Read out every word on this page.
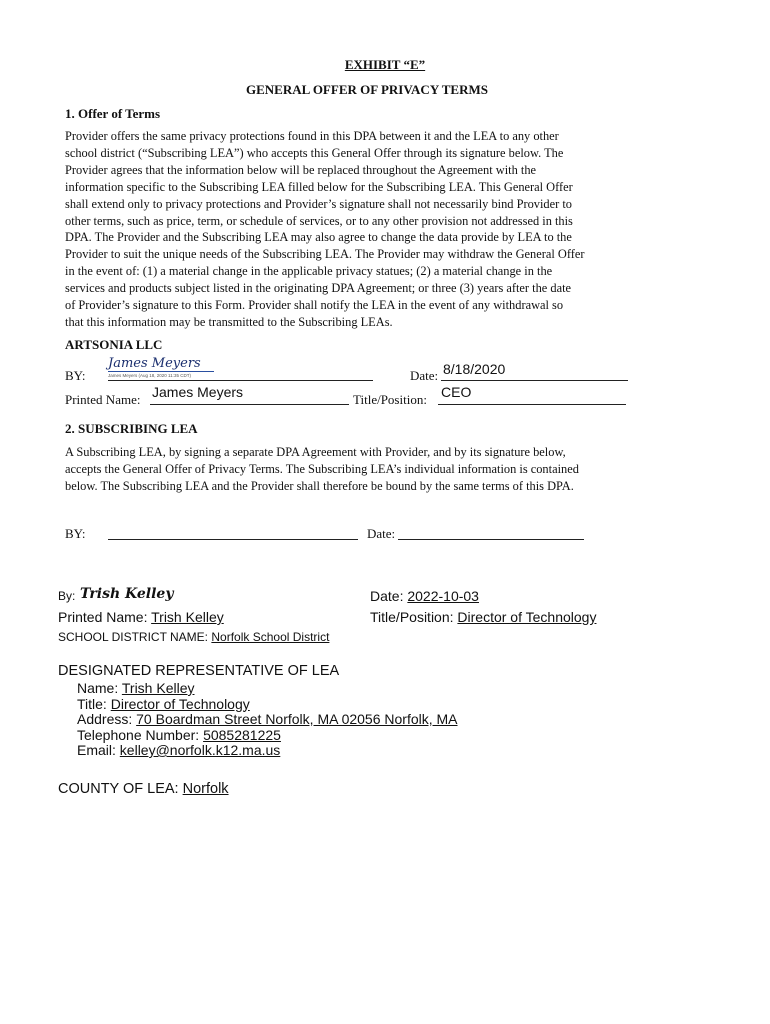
EXHIBIT “E”
GENERAL OFFER OF PRIVACY TERMS
1. Offer of Terms
Provider offers the same privacy protections found in this DPA between it and the LEA to any other
school district (“Subscribing LEA”) who accepts this General Offer through its signature below. The
Provider agrees that the information below will be replaced throughout the Agreement with the
information specific to the Subscribing LEA filled below for the Subscribing LEA. This General Offer
shall extend only to privacy protections and Provider’s signature shall not necessarily bind Provider to
other terms, such as price, term, or schedule of services, or to any other provision not addressed in this
DPA. The Provider and the Subscribing LEA may also agree to change the data provide by LEA to the
Provider to suit the unique needs of the Subscribing LEA. The Provider may withdraw the General Offer
in the event of: (1) a material change in the applicable privacy statues; (2) a material change in the
services and products subject listed in the originating DPA Agreement; or three (3) years after the date
of Provider’s signature to this Form. Provider shall notify the LEA in the event of any withdrawal so
that this information may be transmitted to the Subscribing LEAs.
ARTSONIA LLC
BY:
James Meyers
James Meyers (Aug 18, 2020 11:35 CDT)	Date: 8/18/2020
Printed Name: James Meyers	Title/Position: CEO
2. SUBSCRIBING LEA
A Subscribing LEA, by signing a separate DPA Agreement with Provider, and by its signature below,
accepts the General Offer of Privacy Terms. The Subscribing LEA’s individual information is contained
below. The Subscribing LEA and the Provider shall therefore be bound by the same terms of this DPA.
BY:	Date:
By: Trish Kelley	Date: 2022-10-03
Printed Name: Trish Kelley	Title/Position: Director of Technology
SCHOOL DISTRICT NAME: Norfolk School District
DESIGNATED REPRESENTATIVE OF LEA
Name: Trish Kelley
Title: Director of Technology
Address: 70 Boardman Street Norfolk, MA 02056 Norfolk, MA
Telephone Number: 5085281225
Email: kelley@norfolk.k12.ma.us
COUNTY OF LEA: Norfolk
